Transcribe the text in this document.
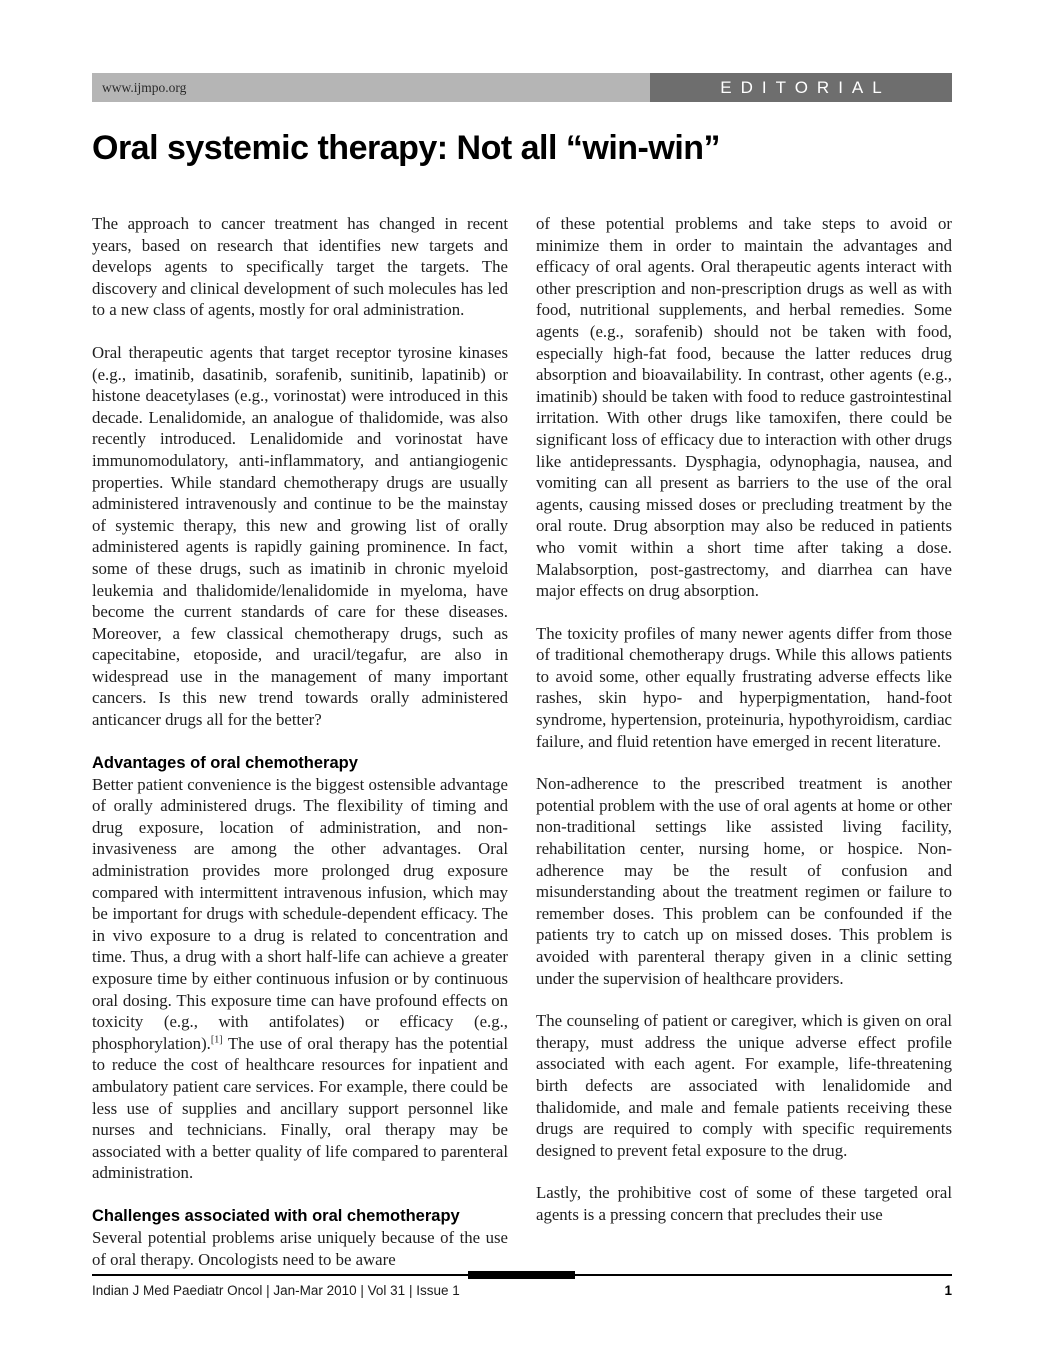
www.ijmpo.org	EDITORIAL
Oral systemic therapy: Not all “win-win”

The approach to cancer treatment has changed in recent years, based on research that identifies new targets and develops agents to specifically target the targets. The discovery and clinical development of such molecules has led to a new class of agents, mostly for oral administration.

Oral therapeutic agents that target receptor tyrosine kinases (e.g., imatinib, dasatinib, sorafenib, sunitinib, lapatinib) or histone deacetylases (e.g., vorinostat) were introduced in this decade. Lenalidomide, an analogue of thalidomide, was also recently introduced. Lenalidomide and vorinostat have immunomodulatory, anti-inflammatory, and antiangiogenic properties. While standard chemotherapy drugs are usually administered intravenously and continue to be the mainstay of systemic therapy, this new and growing list of orally administered agents is rapidly gaining prominence. In fact, some of these drugs, such as imatinib in chronic myeloid leukemia and thalidomide/lenalidomide in myeloma, have become the current standards of care for these diseases. Moreover, a few classical chemotherapy drugs, such as capecitabine, etoposide, and uracil/tegafur, are also in widespread use in the management of many important cancers. Is this new trend towards orally administered anticancer drugs all for the better?

Advantages of oral chemotherapy

Better patient convenience is the biggest ostensible advantage of orally administered drugs. The flexibility of timing and drug exposure, location of administration, and non-invasiveness are among the other advantages. Oral administration provides more prolonged drug exposure compared with intermittent intravenous infusion, which may be important for drugs with schedule-dependent efficacy. The in vivo exposure to a drug is related to concentration and time. Thus, a drug with a short half-life can achieve a greater exposure time by either continuous infusion or by continuous oral dosing. This exposure time can have profound effects on toxicity (e.g., with antifolates) or efficacy (e.g., phosphorylation).[1] The use of oral therapy has the potential to reduce the cost of healthcare resources for inpatient and ambulatory patient care services. For example, there could be less use of supplies and ancillary support personnel like nurses and technicians. Finally, oral therapy may be associated with a better quality of life compared to parenteral administration.

Challenges associated with oral chemotherapy

Several potential problems arise uniquely because of the use of oral therapy. Oncologists need to be aware

of these potential problems and take steps to avoid or minimize them in order to maintain the advantages and efficacy of oral agents. Oral therapeutic agents interact with other prescription and non-prescription drugs as well as with food, nutritional supplements, and herbal remedies. Some agents (e.g., sorafenib) should not be taken with food, especially high-fat food, because the latter reduces drug absorption and bioavailability. In contrast, other agents (e.g., imatinib) should be taken with food to reduce gastrointestinal irritation. With other drugs like tamoxifen, there could be significant loss of efficacy due to interaction with other drugs like antidepressants. Dysphagia, odynophagia, nausea, and vomiting can all present as barriers to the use of the oral agents, causing missed doses or precluding treatment by the oral route. Drug absorption may also be reduced in patients who vomit within a short time after taking a dose. Malabsorption, post-gastrectomy, and diarrhea can have major effects on drug absorption.

The toxicity profiles of many newer agents differ from those of traditional chemotherapy drugs. While this allows patients to avoid some, other equally frustrating adverse effects like rashes, skin hypo- and hyperpigmentation, hand-foot syndrome, hypertension, proteinuria, hypothyroidism, cardiac failure, and fluid retention have emerged in recent literature.

Non-adherence to the prescribed treatment is another potential problem with the use of oral agents at home or other non-traditional settings like assisted living facility, rehabilitation center, nursing home, or hospice. Non-adherence may be the result of confusion and misunderstanding about the treatment regimen or failure to remember doses. This problem can be confounded if the patients try to catch up on missed doses. This problem is avoided with parenteral therapy given in a clinic setting under the supervision of healthcare providers.

The counseling of patient or caregiver, which is given on oral therapy, must address the unique adverse effect profile associated with each agent. For example, life-threatening birth defects are associated with lenalidomide and thalidomide, and male and female patients receiving these drugs are required to comply with specific requirements designed to prevent fetal exposure to the drug.

Lastly, the prohibitive cost of some of these targeted oral agents is a pressing concern that precludes their use

Indian J Med Paediatr Oncol | Jan-Mar 2010 | Vol 31 | Issue 1	1
